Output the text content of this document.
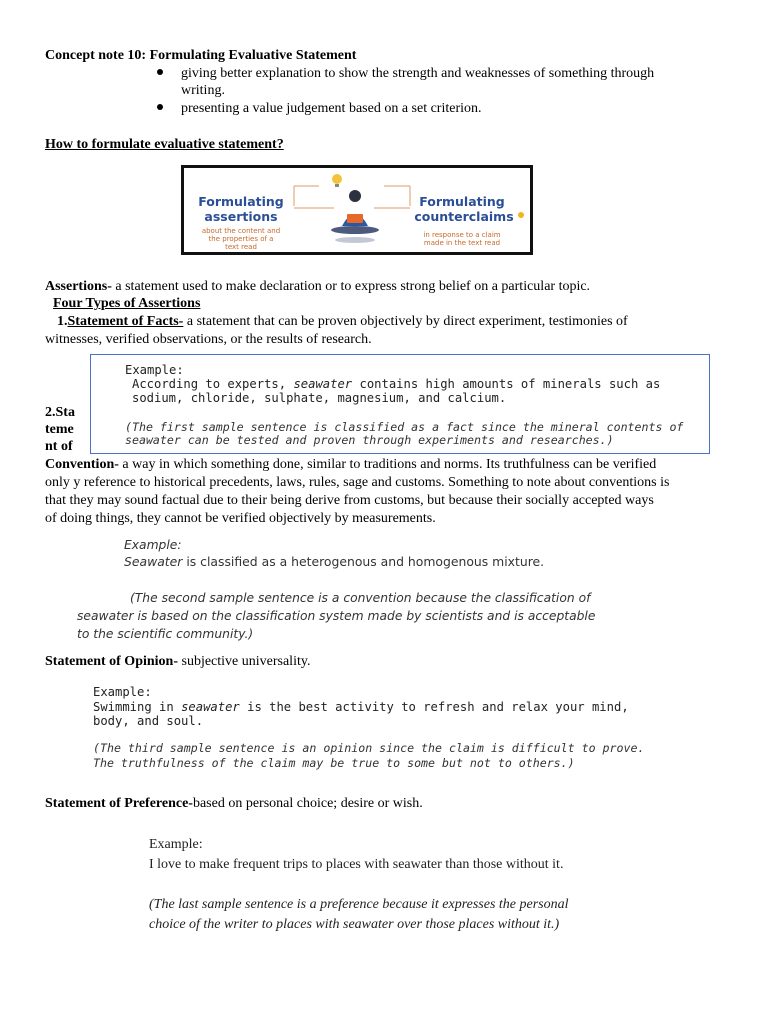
Concept note 10: Formulating Evaluative Statement
giving better explanation to show the strength and weaknesses of something through
writing.
presenting a value judgement based on a set criterion.
How to formulate evaluative statement?
Formulating
assertions
about the content and
the properties of a
text read
Formulating
counterclaims
in response to a claim
made in the text read
Assertions- a statement used to make declaration or to express strong belief on a particular topic.
Four Types of Assertions
1.Statement of Facts- a statement that can be proven objectively by direct experiment, testimonies of
witnesses, verified observations, or the results of research.
Example:
According to experts, seawater contains high amounts of minerals such as
sodium, chloride, sulphate, magnesium, and calcium.
(The first sample sentence is classified as a fact since the mineral contents of
seawater can be tested and proven through experiments and researches.)
2.Sta
teme
nt of
Convention- a way in which something done, similar to traditions and norms. Its truthfulness can be verified
only y reference to historical precedents, laws, rules, sage and customs. Something to note about conventions is
that they may sound factual due to their being derive from customs, but because their socially accepted ways
of doing things, they cannot be verified objectively by measurements.
Example:
Seawater is classified as a heterogenous and homogenous mixture.
(The second sample sentence is a convention because the classification of
seawater is based on the classification system made by scientists and is acceptable
to the scientific community.)
Statement of Opinion- subjective universality.
Example:
Swimming in seawater is the best activity to refresh and relax your mind,
body, and soul.
(The third sample sentence is an opinion since the claim is difficult to prove.
The truthfulness of the claim may be true to some but not to others.)
Statement of Preference-based on personal choice; desire or wish.
Example:
I love to make frequent trips to places with seawater than those without it.
(The last sample sentence is a preference because it expresses the personal
choice of the writer to places with seawater over those places without it.)
